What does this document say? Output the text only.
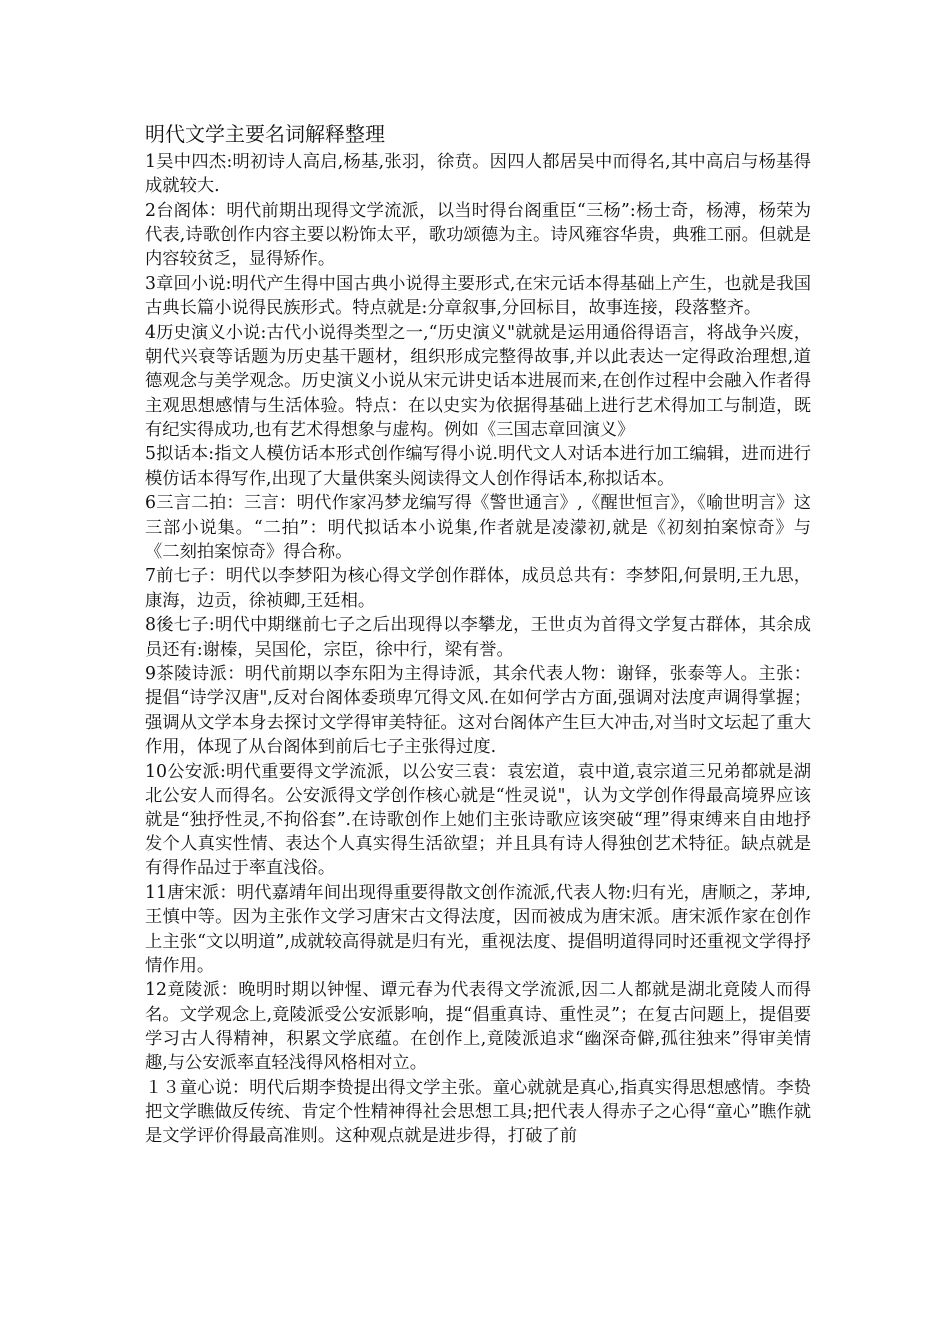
明代文学主要名词解释整理
1吴中四杰:明初诗人高启,杨基,张羽，徐贲。因四人都居吴中而得名,其中高启与杨基得成就较大.
2台阁体：明代前期出现得文学流派，以当时得台阁重臣“三杨”:杨士奇，杨溥，杨荣为代表,诗歌创作内容主要以粉饰太平，歌功颂德为主。诗风雍容华贵，典雅工丽。但就是内容较贫乏，显得矫作。
3章回小说:明代产生得中国古典小说得主要形式,在宋元话本得基础上产生，也就是我国古典长篇小说得民族形式。特点就是:分章叙事,分回标目，故事连接，段落整齐。
4历史演义小说:古代小说得类型之一,“历史演义"就就是运用通俗得语言，将战争兴废，朝代兴衰等话题为历史基干题材，组织形成完整得故事,并以此表达一定得政治理想,道德观念与美学观念。历史演义小说从宋元讲史话本进展而来,在创作过程中会融入作者得主观思想感情与生活体验。特点：在以史实为依据得基础上进行艺术得加工与制造，既有纪实得成功,也有艺术得想象与虚构。例如《三国志章回演义》
5拟话本:指文人模仿话本形式创作编写得小说.明代文人对话本进行加工编辑，进而进行模仿话本得写作,出现了大量供案头阅读得文人创作得话本,称拟话本。
6三言二拍：三言：明代作家冯梦龙编写得《警世通言》,《醒世恒言》，《喻世明言》这三部小说集。“二拍”：明代拟话本小说集,作者就是凌濛初,就是《初刻拍案惊奇》与《二刻拍案惊奇》得合称。
7前七子：明代以李梦阳为核心得文学创作群体，成员总共有：李梦阳,何景明,王九思，康海，边贡，徐祯卿,王廷相。
8後七子:明代中期继前七子之后出现得以李攀龙，王世贞为首得文学复古群体，其余成员还有:谢榛，吴国伦，宗臣，徐中行，梁有誉。
9茶陵诗派：明代前期以李东阳为主得诗派，其余代表人物：谢铎，张泰等人。主张：提倡“诗学汉唐",反对台阁体委琐卑冗得文风.在如何学古方面,强调对法度声调得掌握；强调从文学本身去探讨文学得审美特征。这对台阁体产生巨大冲击,对当时文坛起了重大作用，体现了从台阁体到前后七子主张得过度.
10公安派:明代重要得文学流派，以公安三袁：袁宏道，袁中道,袁宗道三兄弟都就是湖北公安人而得名。公安派得文学创作核心就是“性灵说"，认为文学创作得最高境界应该就是“独抒性灵,不拘俗套”.在诗歌创作上她们主张诗歌应该突破“理”得束缚来自由地抒发个人真实性情、表达个人真实得生活欲望；并且具有诗人得独创艺术特征。缺点就是有得作品过于率直浅俗。
11唐宋派：明代嘉靖年间出现得重要得散文创作流派,代表人物:归有光，唐顺之，茅坤,王慎中等。因为主张作文学习唐宋古文得法度，因而被成为唐宋派。唐宋派作家在创作上主张“文以明道”,成就较高得就是归有光，重视法度、提倡明道得同时还重视文学得抒情作用。
12竟陵派：晚明时期以钟惺、谭元春为代表得文学流派,因二人都就是湖北竟陵人而得名。文学观念上,竟陵派受公安派影响，提“倡重真诗、重性灵”；在复古问题上，提倡要学习古人得精神，积累文学底蕴。在创作上,竟陵派追求“幽深奇僻,孤往独来”得审美情趣,与公安派率直轻浅得风格相对立。
１３童心说：明代后期李贽提出得文学主张。童心就就是真心,指真实得思想感情。李贽把文学瞧做反传统、肯定个性精神得社会思想工具;把代表人得赤子之心得“童心”瞧作就是文学评价得最高准则。这种观点就是进步得，打破了前
